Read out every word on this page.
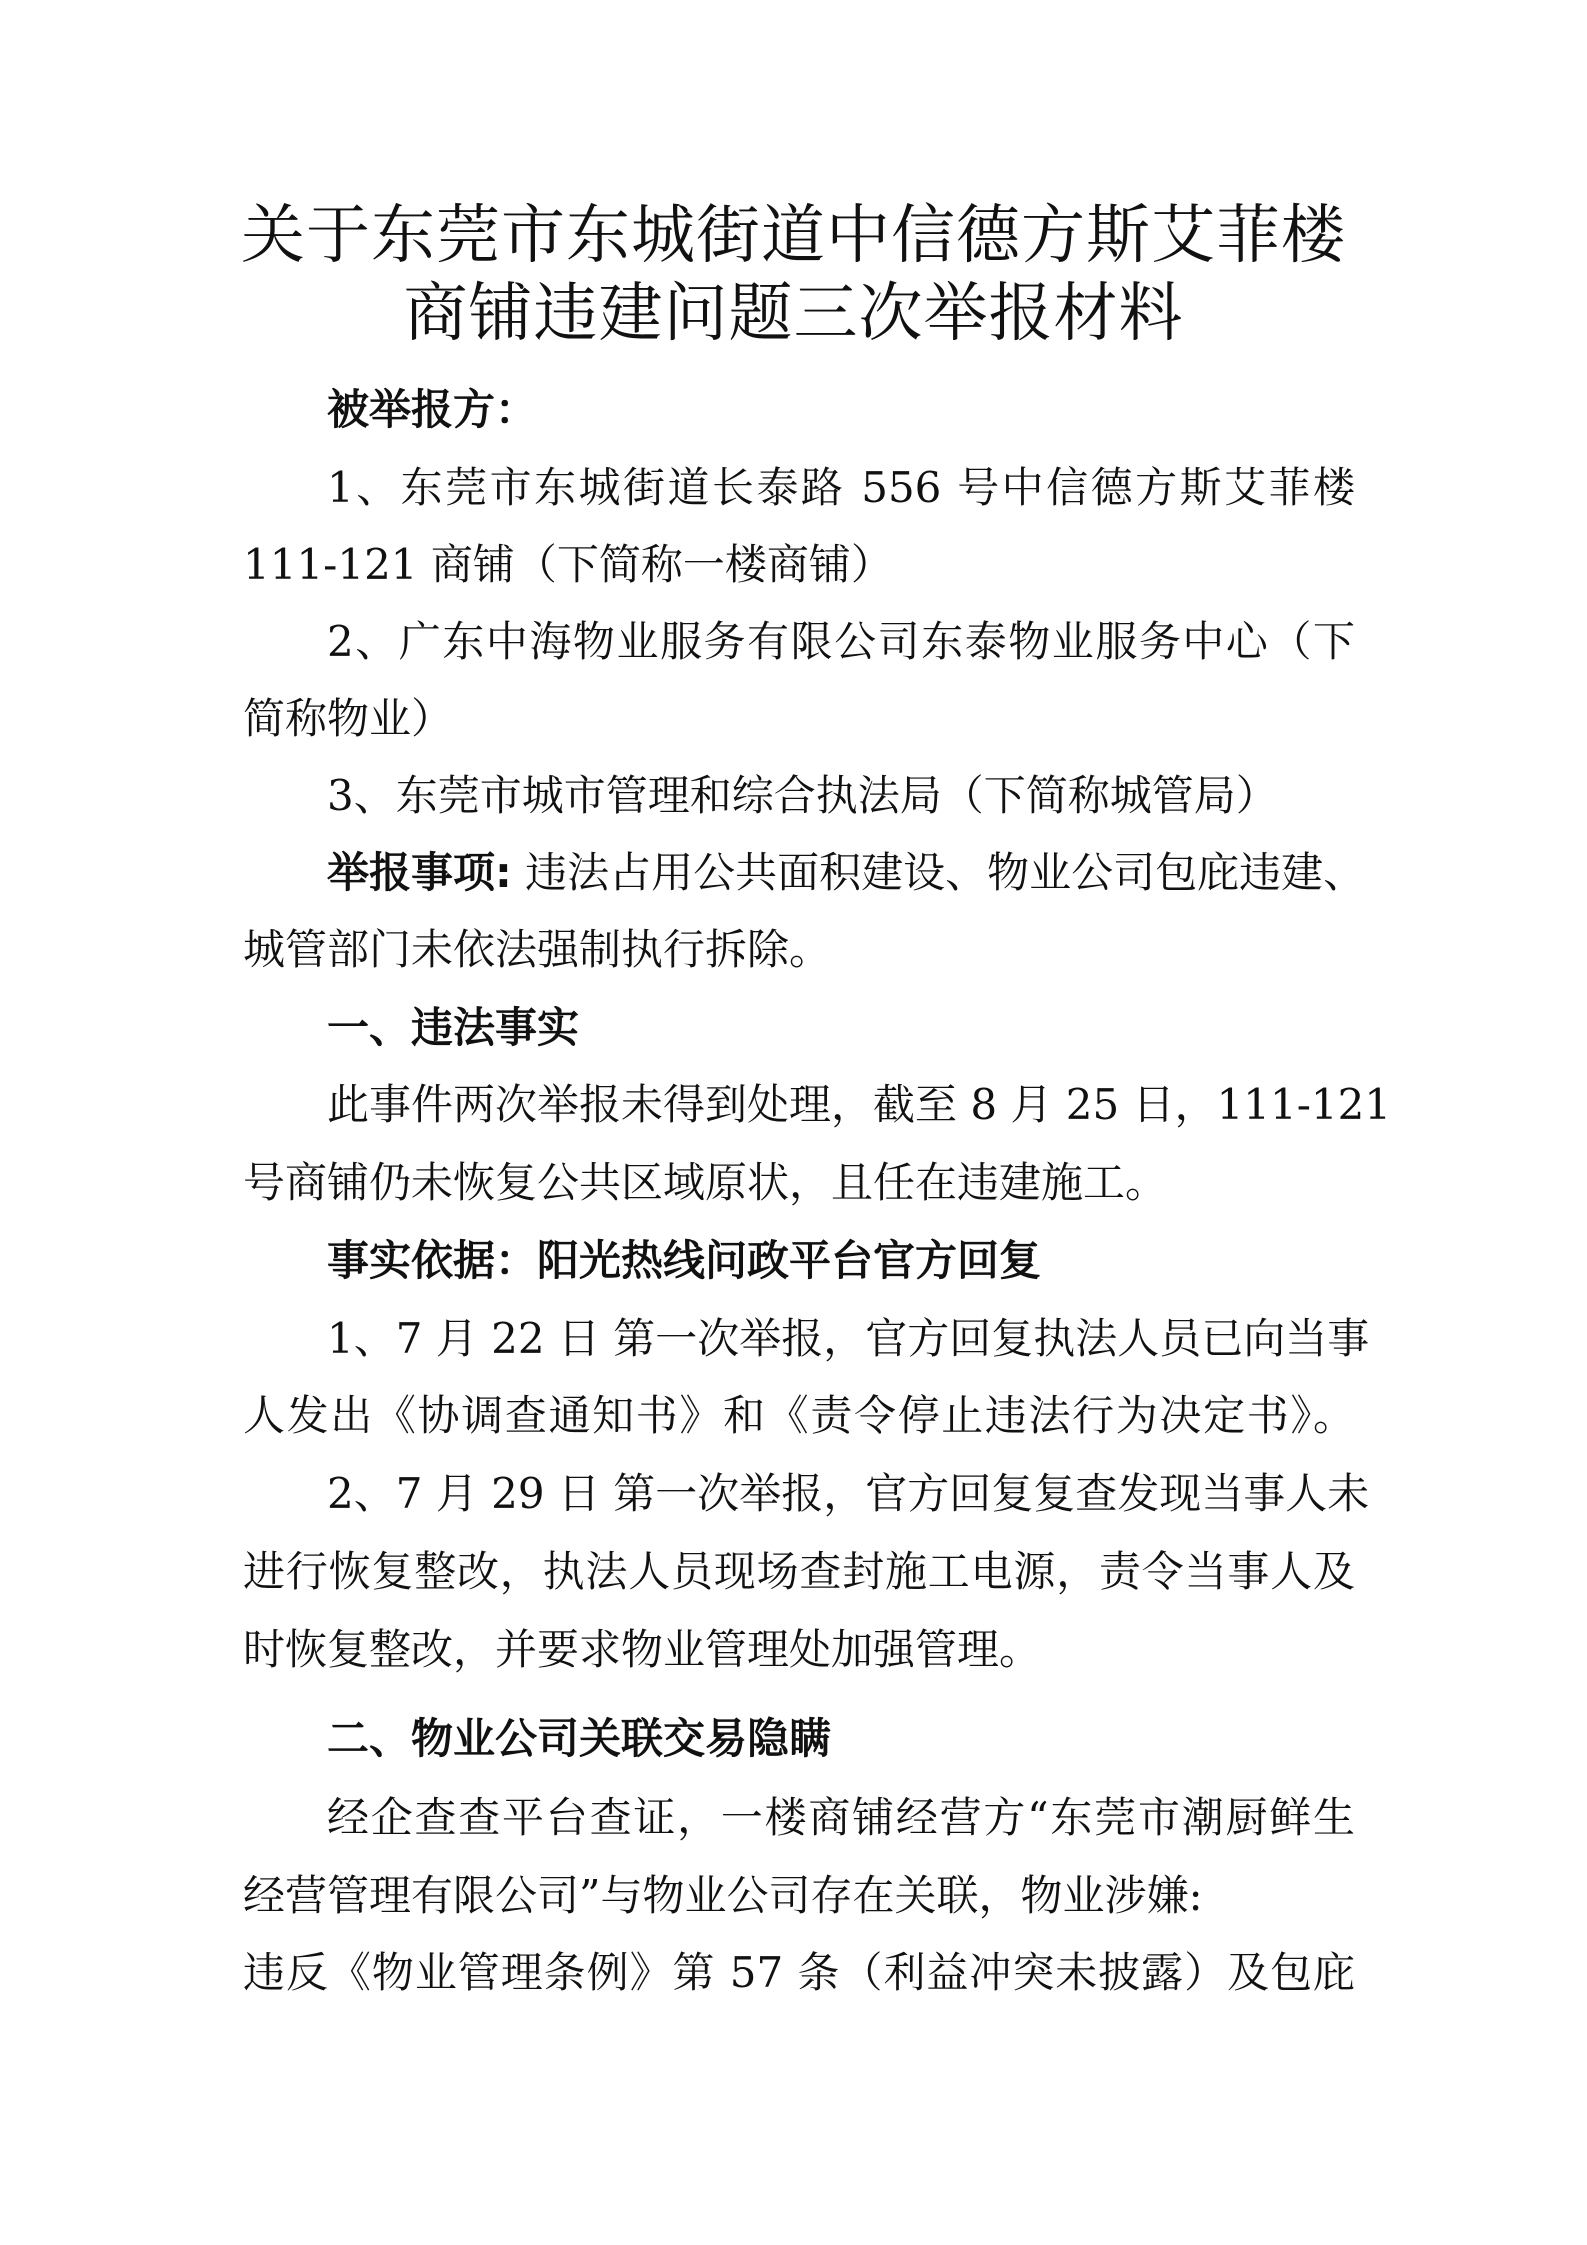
关于东莞市东城街道中信德方斯艾菲楼
商铺违建问题三次举报材料
被举报方：
1、东莞市东城街道长泰路 556 号中信德方斯艾菲楼
111-121 商铺（下简称一楼商铺）
2、广东中海物业服务有限公司东泰物业服务中心（下
简称物业）
3、东莞市城市管理和综合执法局（下简称城管局）
举报事项: 违法占用公共面积建设、物业公司包庇违建、
城管部门未依法强制执行拆除。
一、违法事实
此事件两次举报未得到处理，截至 8 月 25 日，111-121
号商铺仍未恢复公共区域原状，且任在违建施工。
事实依据：阳光热线问政平台官方回复
1、7 月 22 日 第一次举报，官方回复执法人员已向当事
人发出《协调查通知书》和《责令停止违法行为决定书》。
2、7 月 29 日 第一次举报，官方回复复查发现当事人未
进行恢复整改，执法人员现场查封施工电源，责令当事人及
时恢复整改，并要求物业管理处加强管理。
二、物业公司关联交易隐瞒
经企查查平台查证，一楼商铺经营方“东莞市潮厨鲜生
经营管理有限公司”与物业公司存在关联，物业涉嫌:
违反《物业管理条例》第 57 条（利益冲突未披露）及包庇
